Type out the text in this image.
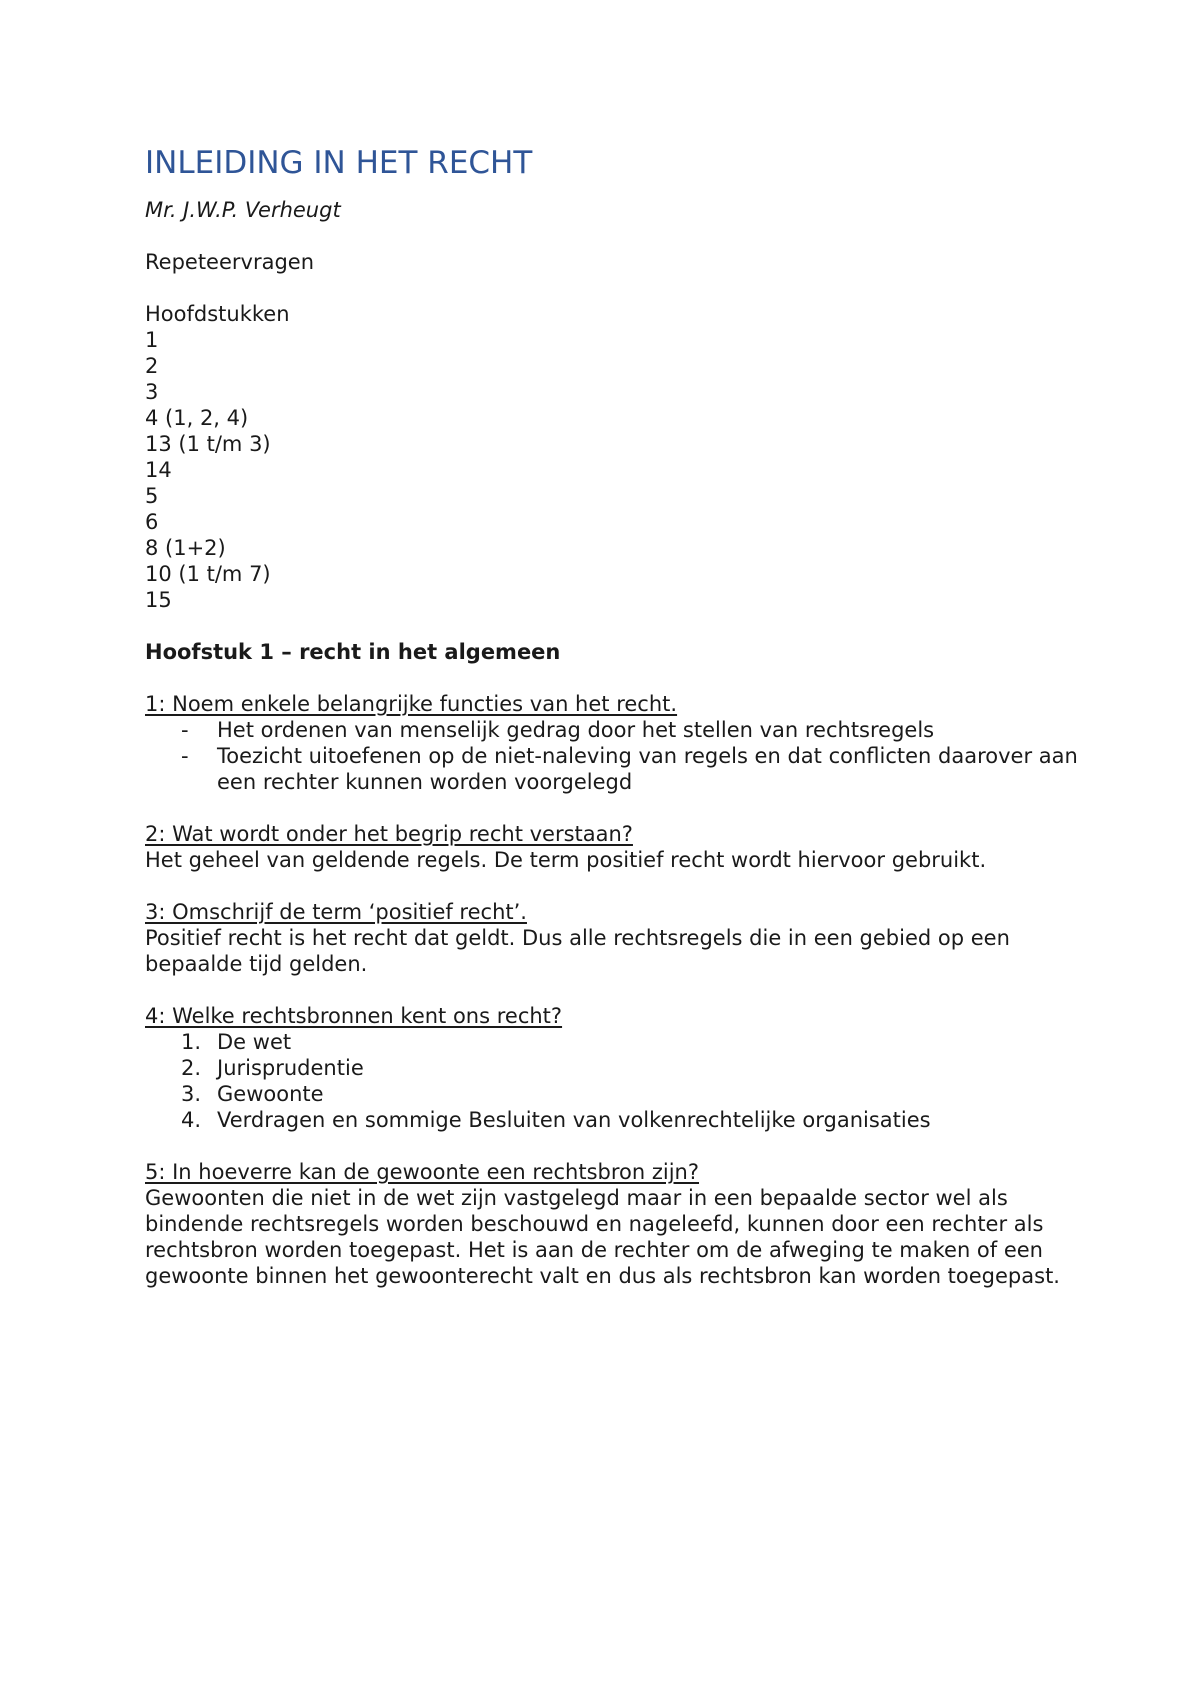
INLEIDING IN HET RECHT
Mr. J.W.P. Verheugt
Repeteervragen
Hoofdstukken
1
2
3
4 (1, 2, 4)
13 (1 t/m 3)
14
5
6
8 (1+2)
10 (1 t/m 7)
15
Hoofstuk 1 – recht in het algemeen
1: Noem enkele belangrijke functies van het recht.
- Het ordenen van menselijk gedrag door het stellen van rechtsregels
- Toezicht uitoefenen op de niet-naleving van regels en dat conflicten daarover aan een rechter kunnen worden voorgelegd
2: Wat wordt onder het begrip recht verstaan?
Het geheel van geldende regels. De term positief recht wordt hiervoor gebruikt.
3: Omschrijf de term ‘positief recht’.
Positief recht is het recht dat geldt. Dus alle rechtsregels die in een gebied op een bepaalde tijd gelden.
4: Welke rechtsbronnen kent ons recht?
1. De wet
2. Jurisprudentie
3. Gewoonte
4. Verdragen en sommige Besluiten van volkenrechtelijke organisaties
5: In hoeverre kan de gewoonte een rechtsbron zijn?
Gewoonten die niet in de wet zijn vastgelegd maar in een bepaalde sector wel als bindende rechtsregels worden beschouwd en nageleefd, kunnen door een rechter als rechtsbron worden toegepast. Het is aan de rechter om de afweging te maken of een gewoonte binnen het gewoonterecht valt en dus als rechtsbron kan worden toegepast.
